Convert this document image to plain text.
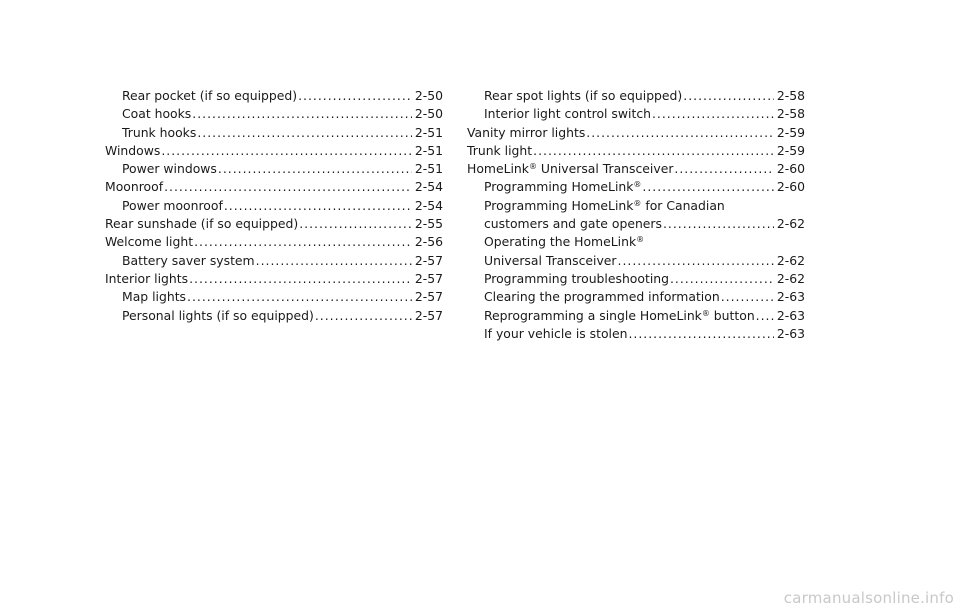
Rear pocket (if so equipped) .....	2-50
Coat hooks .....	2-50
Trunk hooks .....	2-51
Windows .....	2-51
Power windows .....	2-51
Moonroof .....	2-54
Power moonroof .....	2-54
Rear sunshade (if so equipped) .....	2-55
Welcome light .....	2-56
Battery saver system .....	2-57
Interior lights .....	2-57
Map lights .....	2-57
Personal lights (if so equipped) .....	2-57
Rear spot lights (if so equipped) .....	2-58
Interior light control switch .....	2-58
Vanity mirror lights .....	2-59
Trunk light .....	2-59
HomeLink® Universal Transceiver .....	2-60
Programming HomeLink® .....	2-60
Programming HomeLink® for Canadian
customers and gate openers .....	2-62
Operating the HomeLink®
Universal Transceiver .....	2-62
Programming troubleshooting .....	2-62
Clearing the programmed information .....	2-63
Reprogramming a single HomeLink® button ..... 2-63
If your vehicle is stolen .....	2-63
carmanualsonline.info
